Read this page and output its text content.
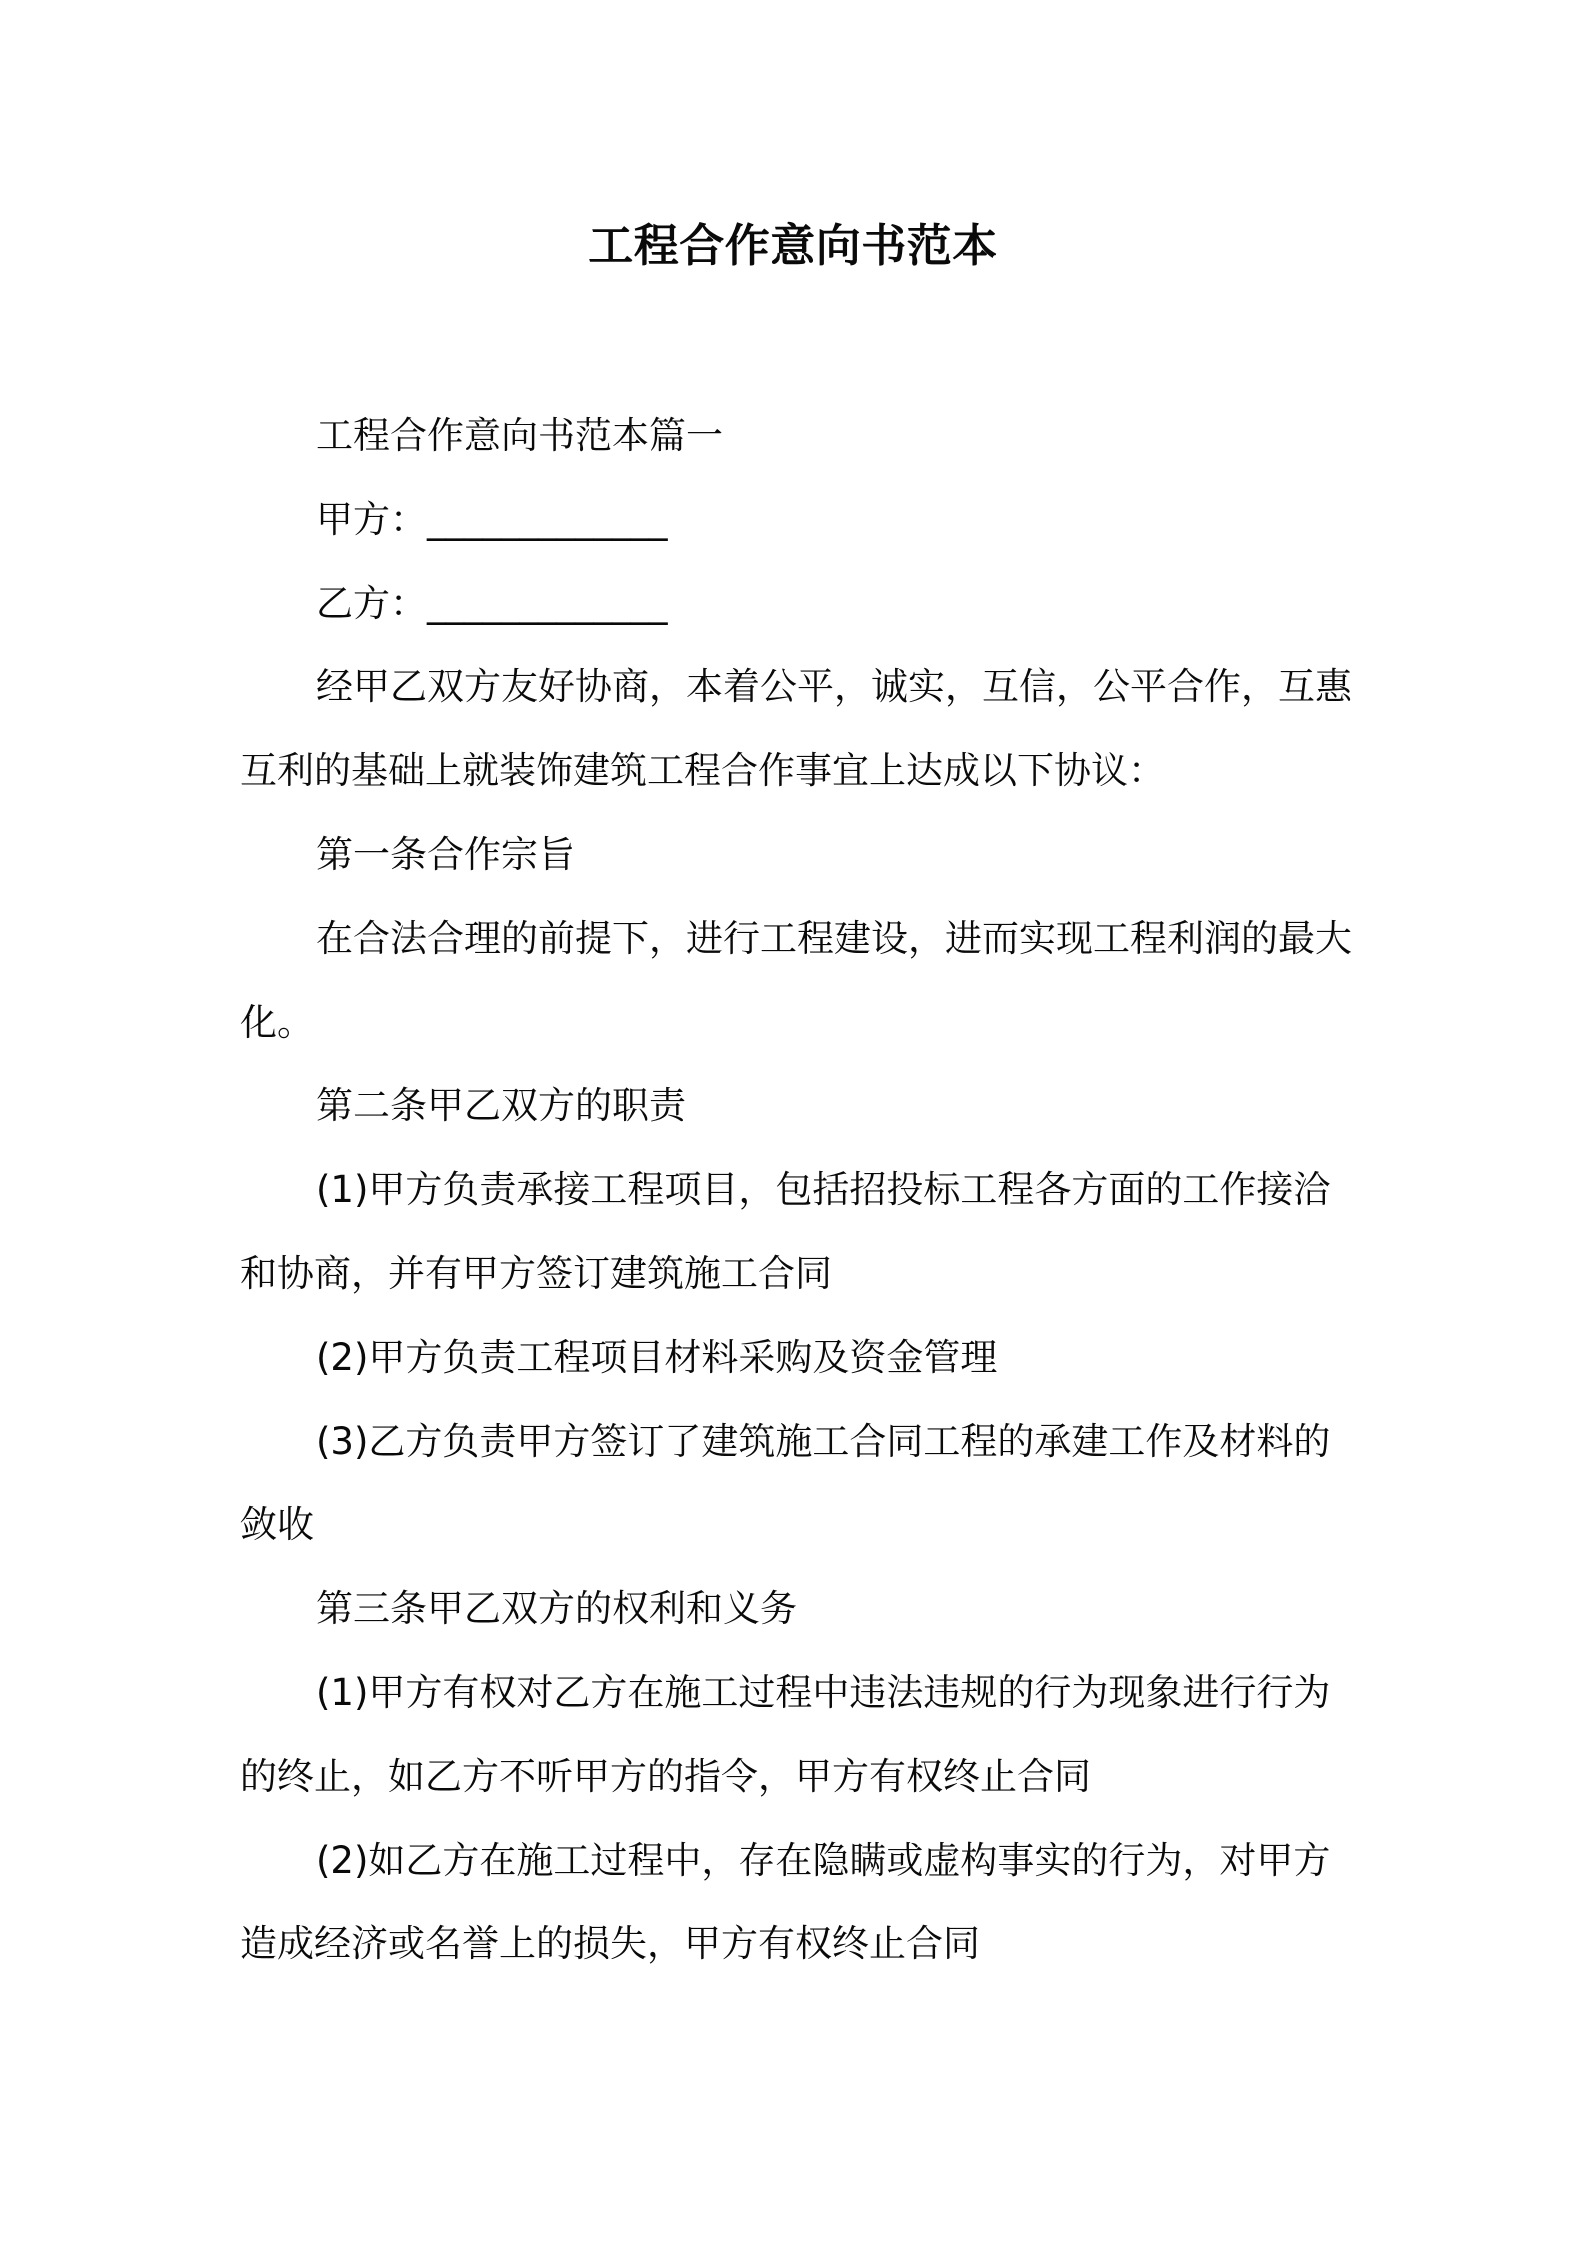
工程合作意向书范本
工程合作意向书范本篇一
甲方：_____________
乙方：_____________
经甲乙双方友好协商，本着公平，诚实，互信，公平合作，互惠
互利的基础上就装饰建筑工程合作事宜上达成以下协议：
第一条合作宗旨
在合法合理的前提下，进行工程建设，进而实现工程利润的最大
化。
第二条甲乙双方的职责
(1)甲方负责承接工程项目，包括招投标工程各方面的工作接洽
和协商，并有甲方签订建筑施工合同
(2)甲方负责工程项目材料采购及资金管理
(3)乙方负责甲方签订了建筑施工合同工程的承建工作及材料的
敛收
第三条甲乙双方的权利和义务
(1)甲方有权对乙方在施工过程中违法违规的行为现象进行行为
的终止，如乙方不听甲方的指令，甲方有权终止合同
(2)如乙方在施工过程中，存在隐瞒或虚构事实的行为，对甲方
造成经济或名誉上的损失，甲方有权终止合同
